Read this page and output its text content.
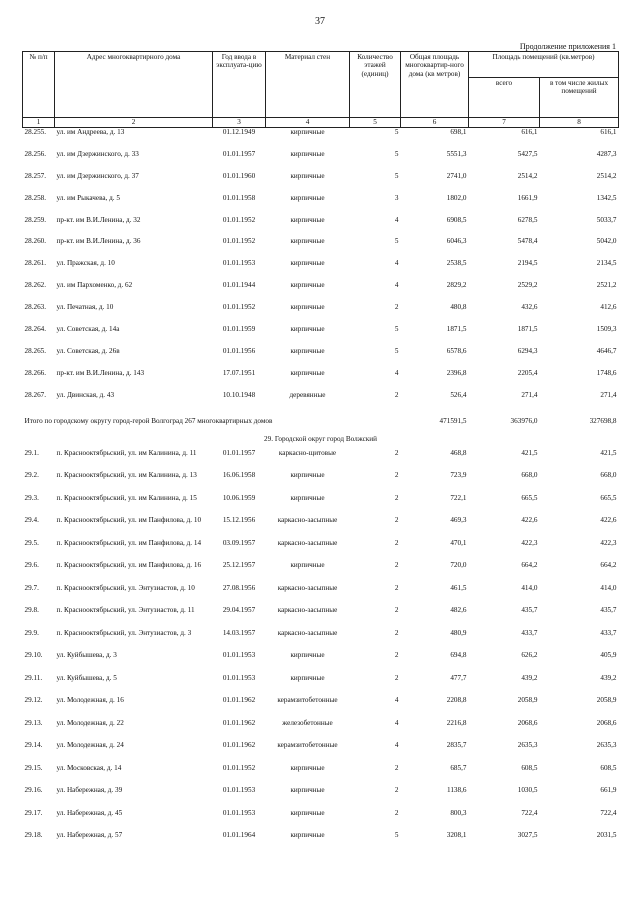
37
Продолжение приложения 1
№ п/п	Адрес многоквартирного дома	Год ввода в эксплуата-цию	Материал стен	Количество этажей (единиц)	Общая площадь многоквартир-ного дома (кв метров)	Площадь помещений (кв.метров)	
						всего	в том числе жилых помещений
1	2	3	4	5	6	7	8
28.255.	ул. им Андреева, д. 13	01.12.1949	кирпичные	5	698,1	616,1	616,1
28.256.	ул. им Дзержинского, д. 33	01.01.1957	кирпичные	5	5551,3	5427,5	4287,3
28.257.	ул. им Дзержинского, д. 37	01.01.1960	кирпичные	5	2741,0	2514,2	2514,2
28.258.	ул. им Рыкачева, д. 5	01.01.1958	кирпичные	3	1802,0	1661,9	1342,5
28.259.	пр-кт. им В.И.Ленина, д. 32	01.01.1952	кирпичные	4	6908,5	6278,5	5033,7
28.260.	пр-кт. им В.И.Ленина, д. 36	01.01.1952	кирпичные	5	6046,3	5478,4	5042,0
28.261.	ул. Пражская, д. 10	01.01.1953	кирпичные	4	2538,5	2194,5	2134,5
28.262.	ул. им Пархоменко, д. 62	01.01.1944	кирпичные	4	2829,2	2529,2	2521,2
28.263.	ул. Печатная, д. 10	01.01.1952	кирпичные	2	480,8	432,6	412,6
28.264.	ул. Советская, д. 14а	01.01.1959	кирпичные	5	1871,5	1871,5	1509,3
28.265.	ул. Советская, д. 26в	01.01.1956	кирпичные	5	6578,6	6294,3	4646,7
28.266.	пр-кт. им В.И.Ленина, д. 143	17.07.1951	кирпичные	4	2396,8	2205,4	1748,6
28.267.	ул. Двинская, д. 43	10.10.1948	деревянные	2	526,4	271,4	271,4

Итого по городскому округу город-герой Волгоград 267 многоквартирных домов					471591,5	363976,0	327698,8
29. Городской округ город Волжский							
29.1.	п. Краснооктябрьский, ул. им Калинина, д. 11	01.01.1957	каркасно-щитовые	2	468,8	421,5	421,5
29.2.	п. Краснооктябрьский, ул. им Калинина, д. 13	16.06.1958	кирпичные	2	723,9	668,0	668,0
29.3.	п. Краснооктябрьский, ул. им Калинина, д. 15	10.06.1959	кирпичные	2	722,1	665,5	665,5
29.4.	п. Краснооктябрьский, ул. им Панфилова, д. 10	15.12.1956	каркасно-засыпные	2	469,3	422,6	422,6
29.5.	п. Краснооктябрьский, ул. им Панфилова, д. 14	03.09.1957	каркасно-засыпные	2	470,1	422,3	422,3
29.6.	п. Краснооктябрьский, ул. им Панфилова, д. 16	25.12.1957	кирпичные	2	720,0	664,2	664,2
29.7.	п. Краснооктябрьский, ул. Энтузиастов, д. 10	27.08.1956	каркасно-засыпные	2	461,5	414,0	414,0
29.8.	п. Краснооктябрьский, ул. Энтузиастов, д. 11	29.04.1957	каркасно-засыпные	2	482,6	435,7	435,7
29.9.	п. Краснооктябрьский, ул. Энтузиастов, д. 3	14.03.1957	каркасно-засыпные	2	480,9	433,7	433,7
29.10.	ул. Куйбышева, д. 3	01.01.1953	кирпичные	2	694,8	626,2	405,9
29.11.	ул. Куйбышева, д. 5	01.01.1953	кирпичные	2	477,7	439,2	439,2
29.12.	ул. Молодежная, д. 16	01.01.1962	керамзитобетонные	4	2208,8	2058,9	2058,9
29.13.	ул. Молодежная, д. 22	01.01.1962	железобетонные	4	2216,8	2068,6	2068,6
29.14.	ул. Молодежная, д. 24	01.01.1962	керамзитобетонные	4	2835,7	2635,3	2635,3
29.15.	ул. Московская, д. 14	01.01.1952	кирпичные	2	685,7	608,5	608,5
29.16.	ул. Набережная, д. 39	01.01.1953	кирпичные	2	1138,6	1030,5	661,9
29.17.	ул. Набережная, д. 45	01.01.1953	кирпичные	2	800,3	722,4	722,4
29.18.	ул. Набережная, д. 57	01.01.1964	кирпичные	5	3208,1	3027,5	2031,5
